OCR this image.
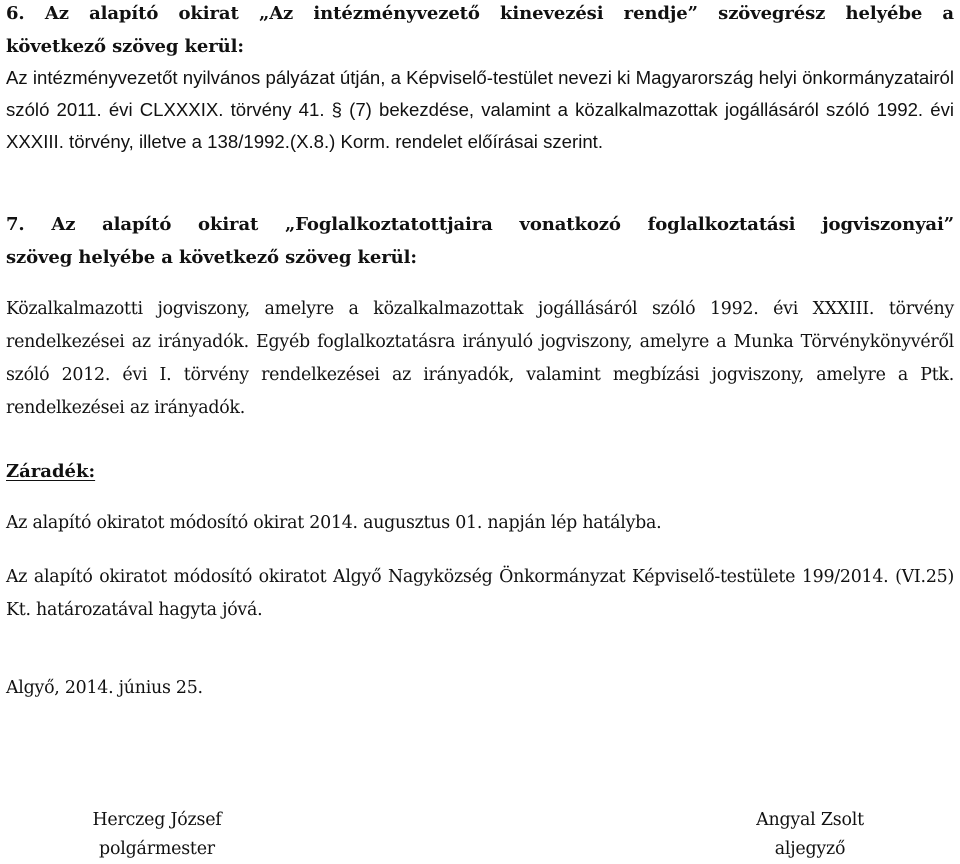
6. Az alapító okirat „Az intézményvezető kinevezési rendje” szövegrész helyébe a
következő szöveg kerül:

Az intézményvezetőt nyilvános pályázat útján, a Képviselő-testület nevezi ki Magyarország helyi önkormányzatairól szóló 2011. évi CLXXXIX. törvény 41. § (7) bekezdése, valamint a közalkalmazottak jogállásáról szóló 1992. évi XXXIII. törvény, illetve a 138/1992.(X.8.) Korm. rendelet előírásai szerint.

7. Az alapító okirat „Foglalkoztatottjaira vonatkozó foglalkoztatási jogviszonyai”
szöveg helyébe a következő szöveg kerül:

Közalkalmazotti jogviszony, amelyre a közalkalmazottak jogállásáról szóló 1992. évi XXXIII. törvény rendelkezései az irányadók. Egyéb foglalkoztatásra irányuló jogviszony, amelyre a Munka Törvénykönyvéről szóló 2012. évi I. törvény rendelkezései az irányadók, valamint megbízási jogviszony, amelyre a Ptk. rendelkezései az irányadók.

Záradék:
Az alapító okiratot módosító okirat 2014. augusztus 01. napján lép hatályba.

Az alapító okiratot módosító okiratot Algyő Nagyközség Önkormányzat Képviselő-testülete 199/2014. (VI.25) Kt. határozatával hagyta jóvá.

Algyő, 2014. június 25.
Herczeg József
polgármester
Angyal Zsolt
aljegyző
